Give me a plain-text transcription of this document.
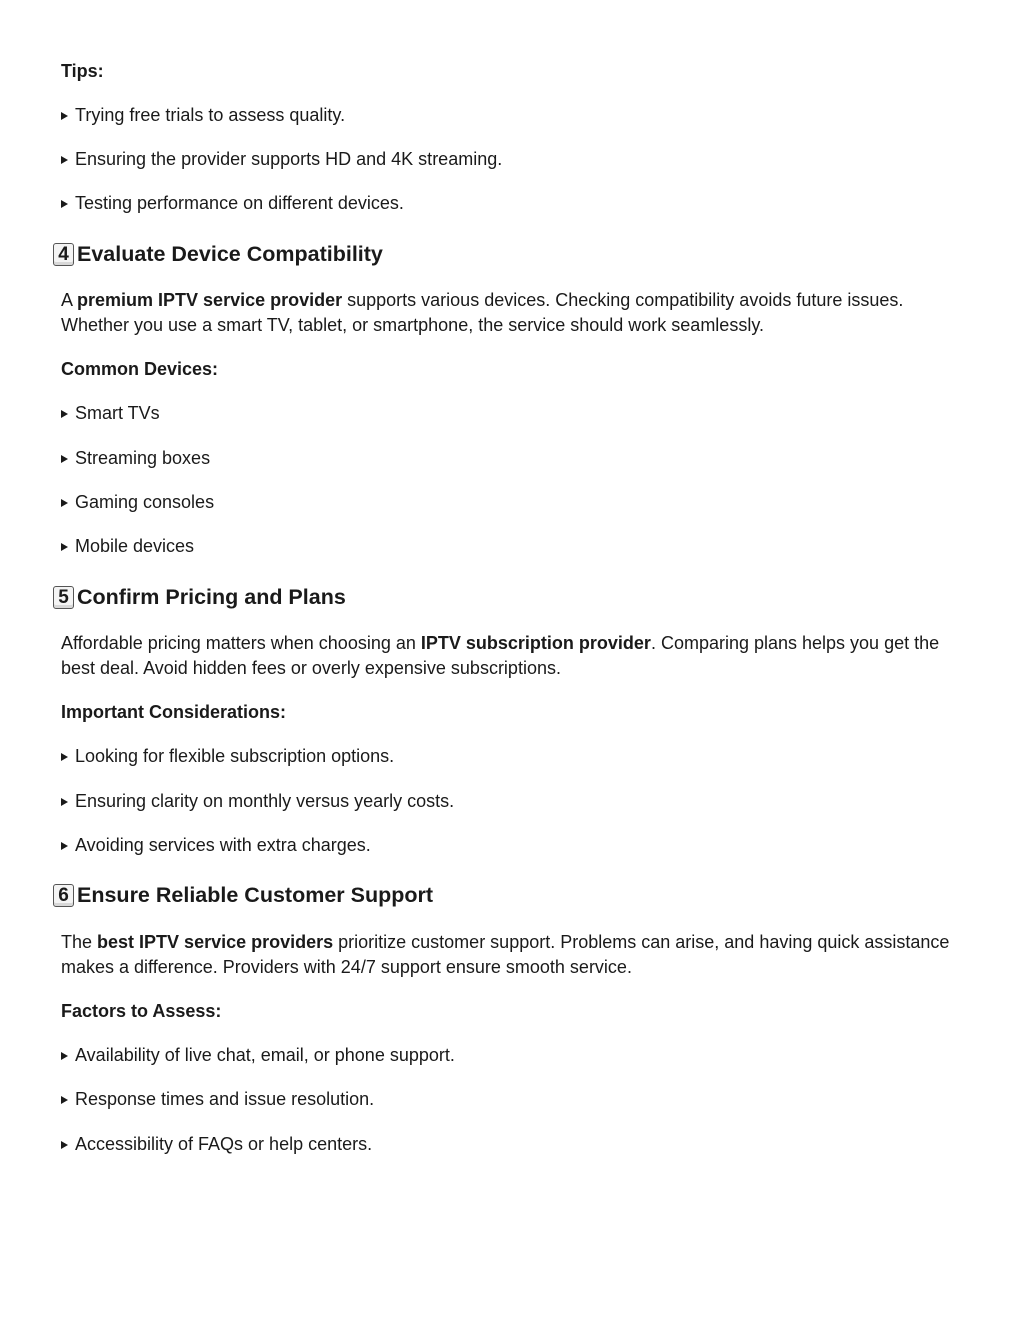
Tips:

Trying free trials to assess quality.

Ensuring the provider supports HD and 4K streaming.

Testing performance on different devices.

4 Evaluate Device Compatibility

A premium IPTV service provider supports various devices. Checking compatibility avoids future issues. Whether you use a smart TV, tablet, or smartphone, the service should work seamlessly.

Common Devices:

Smart TVs

Streaming boxes

Gaming consoles

Mobile devices

5 Confirm Pricing and Plans

Affordable pricing matters when choosing an IPTV subscription provider. Comparing plans helps you get the best deal. Avoid hidden fees or overly expensive subscriptions.

Important Considerations:

Looking for flexible subscription options.

Ensuring clarity on monthly versus yearly costs.

Avoiding services with extra charges.

6 Ensure Reliable Customer Support

The best IPTV service providers prioritize customer support. Problems can arise, and having quick assistance makes a difference. Providers with 24/7 support ensure smooth service.

Factors to Assess:

Availability of live chat, email, or phone support.

Response times and issue resolution.

Accessibility of FAQs or help centers.
